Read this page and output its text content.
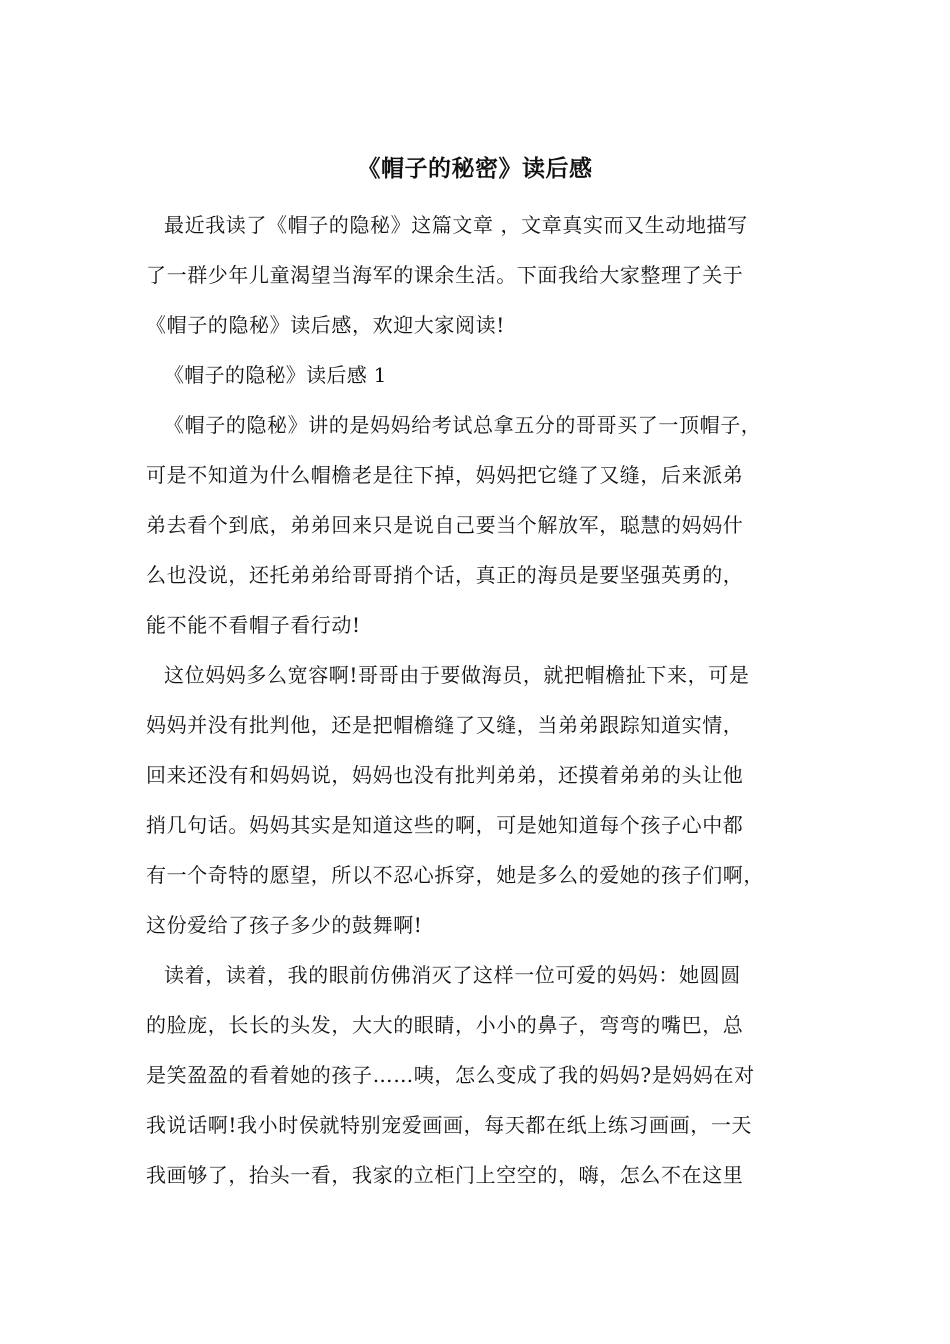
《帽子的秘密》读后感
最近我读了《帽子的隐秘》这篇文章 ，文章真实而又生动地描写
了一群少年儿童渴望当海军的课余生活。下面我给大家整理了关于
《帽子的隐秘》读后感，欢迎大家阅读!
《帽子的隐秘》读后感 1
《帽子的隐秘》讲的是妈妈给考试总拿五分的哥哥买了一顶帽子，
可是不知道为什么帽檐老是往下掉，妈妈把它缝了又缝，后来派弟
弟去看个到底，弟弟回来只是说自己要当个解放军，聪慧的妈妈什
么也没说，还托弟弟给哥哥捎个话，真正的海员是要坚强英勇的，
能不能不看帽子看行动!
这位妈妈多么宽容啊!哥哥由于要做海员，就把帽檐扯下来，可是
妈妈并没有批判他，还是把帽檐缝了又缝，当弟弟跟踪知道实情，
回来还没有和妈妈说，妈妈也没有批判弟弟，还摸着弟弟的头让他
捎几句话。妈妈其实是知道这些的啊，可是她知道每个孩子心中都
有一个奇特的愿望，所以不忍心拆穿，她是多么的爱她的孩子们啊，
这份爱给了孩子多少的鼓舞啊!
读着，读着，我的眼前仿佛消灭了这样一位可爱的妈妈：她圆圆
的脸庞，长长的头发，大大的眼睛，小小的鼻子，弯弯的嘴巴，总
是笑盈盈的看着她的孩子……咦，怎么变成了我的妈妈?是妈妈在对
我说话啊!我小时侯就特别宠爱画画，每天都在纸上练习画画，一天
我画够了，抬头一看，我家的立柜门上空空的，嗨，怎么不在这里
